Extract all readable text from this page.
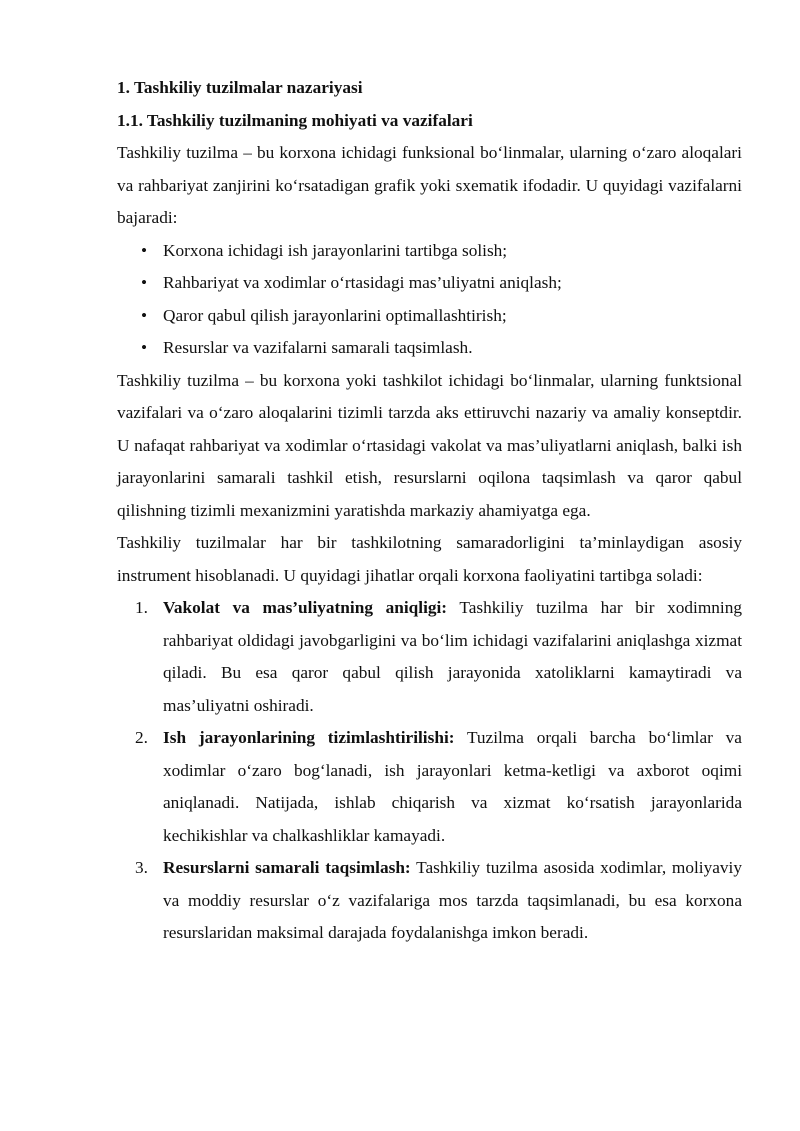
1. Tashkiliy tuzilmalar nazariyasi
1.1. Tashkiliy tuzilmaning mohiyati va vazifalari

Tashkiliy tuzilma – bu korxona ichidagi funksional boʻlinmalar, ularning oʻzaro aloqalari va rahbariyat zanjirini koʻrsatadigan grafik yoki sxematik ifodadir. U quyidagi vazifalarni bajaradi:

• Korxona ichidagi ish jarayonlarini tartibga solish;
• Rahbariyat va xodimlar oʻrtasidagi mas’uliyatni aniqlash;
• Qaror qabul qilish jarayonlarini optimallashtirish;
• Resurslar va vazifalarni samarali taqsimlash.

Tashkiliy tuzilma – bu korxona yoki tashkilot ichidagi boʻlinmalar, ularning funktsional vazifalari va oʻzaro aloqalarini tizimli tarzda aks ettiruvchi nazariy va amaliy konseptdir. U nafaqat rahbariyat va xodimlar oʻrtasidagi vakolat va mas’uliyatlarni aniqlash, balki ish jarayonlarini samarali tashkil etish, resurslarni oqilona taqsimlash va qaror qabul qilishning tizimli mexanizmini yaratishda markaziy ahamiyatga ega.

Tashkiliy tuzilmalar har bir tashkilotning samaradorligini ta’minlaydigan asosiy instrument hisoblanadi. U quyidagi jihatlar orqali korxona faoliyatini tartibga soladi:

1. Vakolat va mas’uliyatning aniqligi: Tashkiliy tuzilma har bir xodimning rahbariyat oldidagi javobgarligini va boʻlim ichidagi vazifalarini aniqlashga xizmat qiladi. Bu esa qaror qabul qilish jarayonida xatoliklarni kamaytiradi va mas’uliyatni oshiradi.
2. Ish jarayonlarining tizimlashtirilishi: Tuzilma orqali barcha boʻlimlar va xodimlar oʻzaro bogʻlanadi, ish jarayonlari ketma-ketligi va axborot oqimi aniqlanadi. Natijada, ishlab chiqarish va xizmat koʻrsatish jarayonlarida kechikishlar va chalkashliklar kamayadi.
3. Resurslarni samarali taqsimlash: Tashkiliy tuzilma asosida xodimlar, moliyaviy va moddiy resurslar oʻz vazifalariga mos tarzda taqsimlanadi, bu esa korxona resurslaridan maksimal darajada foydalanishga imkon beradi.
